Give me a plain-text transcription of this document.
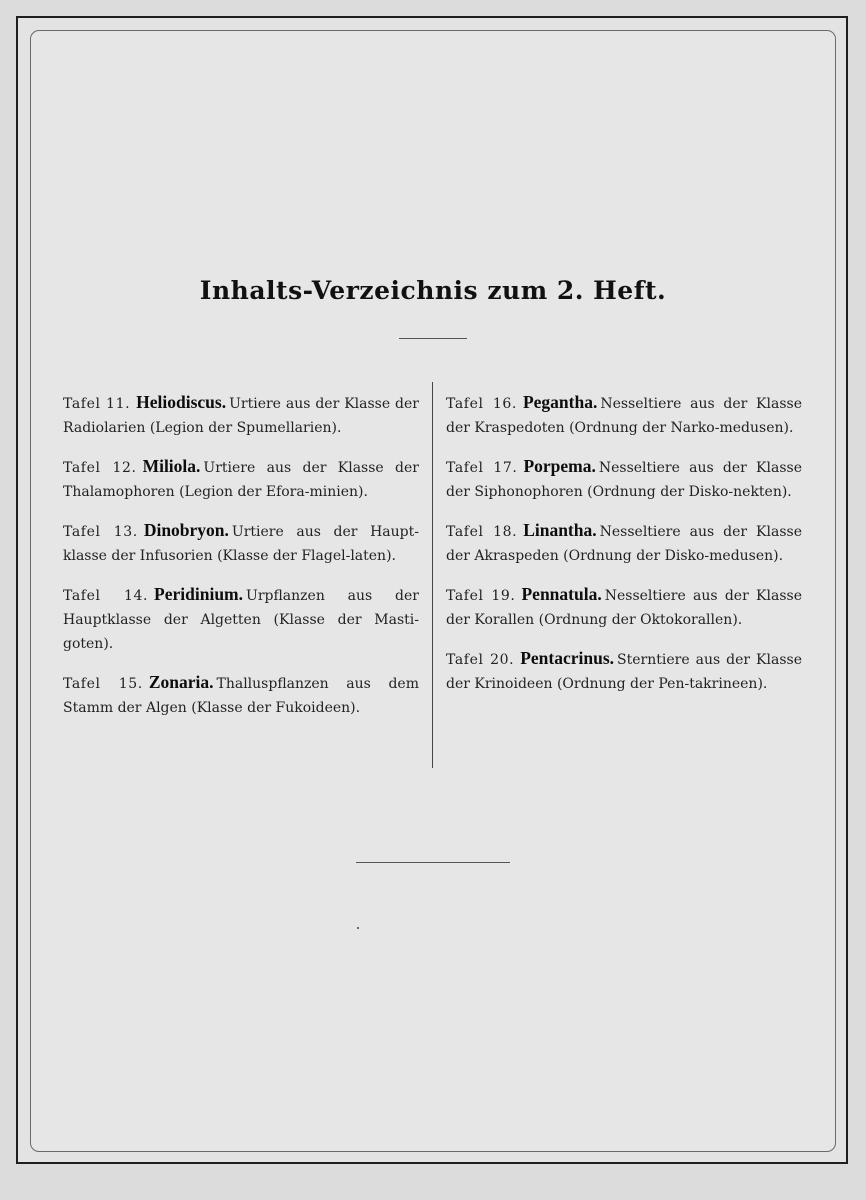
Inhalts-Verzeichnis zum 2. Heft.

Tafel 11. Heliodiscus. Urtiere aus der Klasse der Radiolarien (Legion der Spumellarien).

Tafel 12. Miliola. Urtiere aus der Klasse der Thalamophoren (Legion der Efora-minien).

Tafel 13. Dinobryon. Urtiere aus der Haupt-klasse der Infusorien (Klasse der Flagel-laten).

Tafel 14. Peridinium. Urpflanzen aus der Hauptklasse der Algetten (Klasse der Masti-goten).

Tafel 15. Zonaria. Thalluspflanzen aus dem Stamm der Algen (Klasse der Fukoideen).

Tafel 16. Pegantha. Nesseltiere aus der Klasse der Kraspedoten (Ordnung der Narko-medusen).

Tafel 17. Porpema. Nesseltiere aus der Klasse der Siphonophoren (Ordnung der Disko-nekten).

Tafel 18. Linantha. Nesseltiere aus der Klasse der Akraspeden (Ordnung der Disko-medusen).

Tafel 19. Pennatula. Nesseltiere aus der Klasse der Korallen (Ordnung der Oktokorallen).

Tafel 20. Pentacrinus. Sterntiere aus der Klasse der Krinoideen (Ordnung der Pen-takrineen).
